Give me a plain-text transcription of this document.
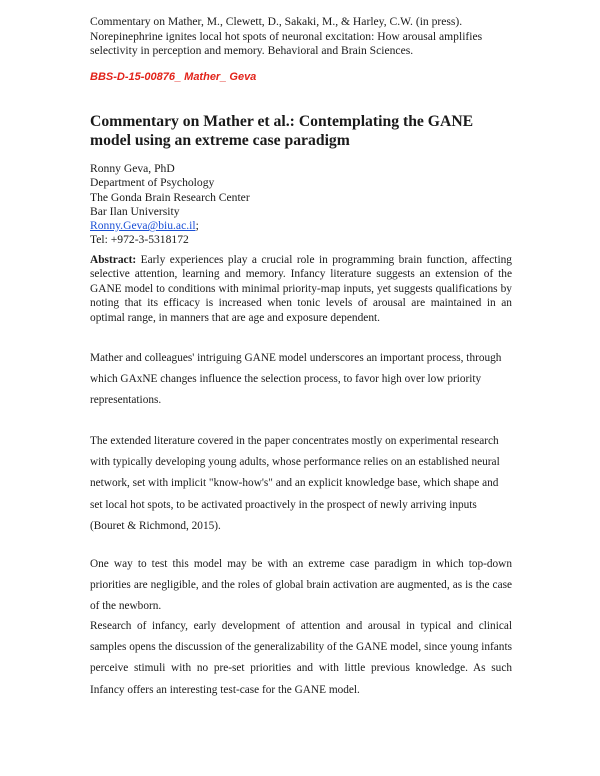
Commentary on Mather, M., Clewett, D., Sakaki, M., & Harley, C.W. (in press). Norepinephrine ignites local hot spots of neuronal excitation: How arousal amplifies selectivity in perception and memory. Behavioral and Brain Sciences.
BBS-D-15-00876_ Mather_ Geva
Commentary on Mather et al.: Contemplating the GANE model using an extreme case paradigm
Ronny Geva, PhD
Department of Psychology
The Gonda Brain Research Center
Bar Ilan University
Ronny.Geva@biu.ac.il;
Tel: +972-3-5318172

Abstract: Early experiences play a crucial role in programming brain function, affecting selective attention, learning and memory. Infancy literature suggests an extension of the GANE model to conditions with minimal priority-map inputs, yet suggests qualifications by noting that its efficacy is increased when tonic levels of arousal are maintained in an optimal range, in manners that are age and exposure dependent.

Mather and colleagues' intriguing GANE model underscores an important process, through which GAxNE changes influence the selection process, to favor high over low priority representations.

The extended literature covered in the paper concentrates mostly on experimental research with typically developing young adults, whose performance relies on an established neural network, set with implicit "know-how's" and an explicit knowledge base, which shape and set local hot spots, to be activated proactively in the prospect of newly arriving inputs (Bouret & Richmond, 2015).

One way to test this model may be with an extreme case paradigm in which top-down priorities are negligible, and the roles of global brain activation are augmented, as is the case of the newborn.

Research of infancy, early development of attention and arousal in typical and clinical samples opens the discussion of the generalizability of the GANE model, since young infants perceive stimuli with no pre-set priorities and with little previous knowledge. As such Infancy offers an interesting test-case for the GANE model.
